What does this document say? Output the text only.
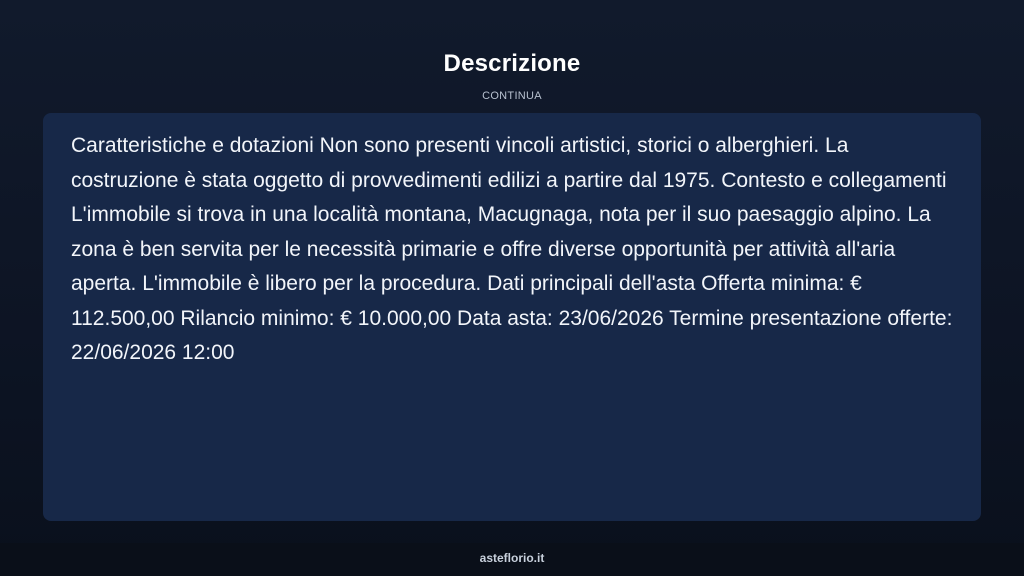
Descrizione
CONTINUA

Caratteristiche e dotazioni Non sono presenti vincoli artistici, storici o alberghieri. La costruzione è stata oggetto di provvedimenti edilizi a partire dal 1975. Contesto e collegamenti L'immobile si trova in una località montana, Macugnaga, nota per il suo paesaggio alpino. La zona è ben servita per le necessità primarie e offre diverse opportunità per attività all'aria aperta. L'immobile è libero per la procedura. Dati principali dell'asta Offerta minima: € 112.500,00 Rilancio minimo: € 10.000,00 Data asta: 23/06/2026 Termine presentazione offerte: 22/06/2026 12:00

asteflorio.it
